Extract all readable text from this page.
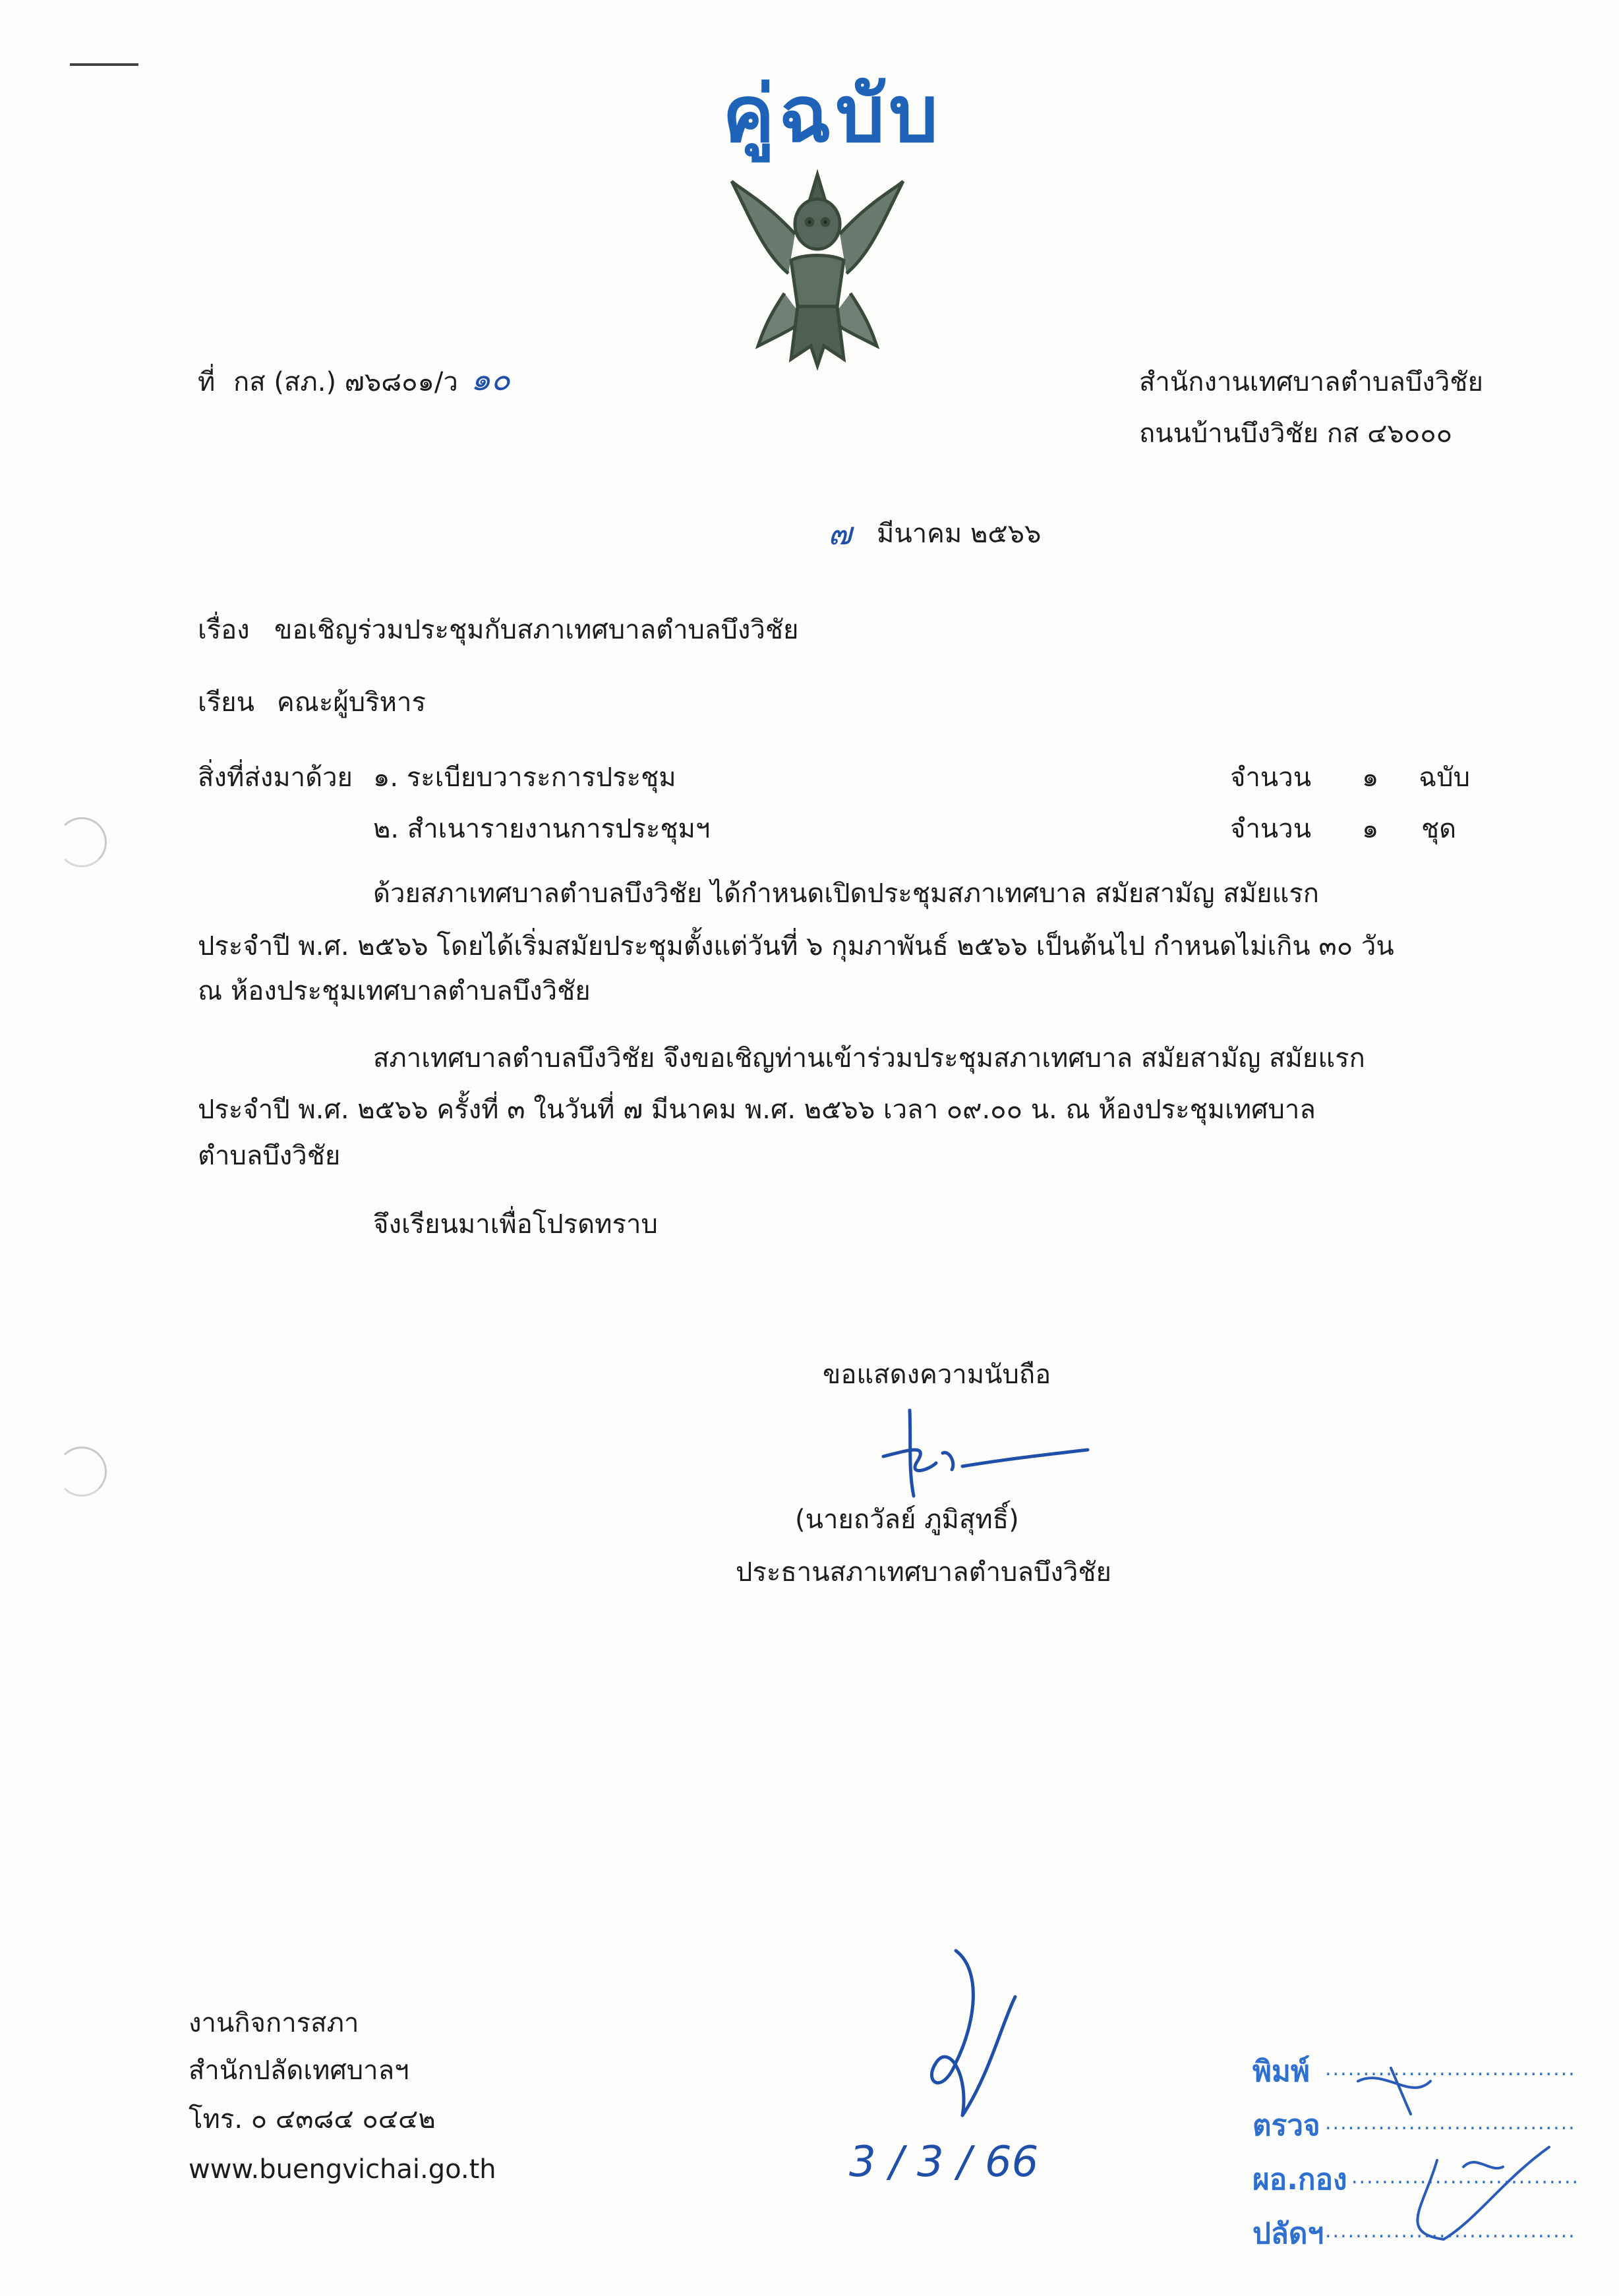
คู่ฉบับ
ที่ กส (สภ.) ๗๖๘๐๑/ว ๑๐	สำนักงานเทศบาลตำบลบึงวิชัย
ถนนบ้านบึงวิชัย กส ๔๖๐๐๐
๗ มีนาคม ๒๕๖๖
เรื่อง ขอเชิญร่วมประชุมกับสภาเทศบาลตำบลบึงวิชัย
เรียน คณะผู้บริหาร
สิ่งที่ส่งมาด้วย ๑. ระเบียบวาระการประชุม	จำนวน ๑ ฉบับ
๒. สำเนารายงานการประชุมฯ	จำนวน ๑ ชุด
ด้วยสภาเทศบาลตำบลบึงวิชัย ได้กำหนดเปิดประชุมสภาเทศบาล สมัยสามัญ สมัยแรก
ประจำปี พ.ศ. ๒๕๖๖ โดยได้เริ่มสมัยประชุมตั้งแต่วันที่ ๖ กุมภาพันธ์ ๒๕๖๖ เป็นต้นไป กำหนดไม่เกิน ๓๐ วัน
ณ ห้องประชุมเทศบาลตำบลบึงวิชัย
สภาเทศบาลตำบลบึงวิชัย จึงขอเชิญท่านเข้าร่วมประชุมสภาเทศบาล สมัยสามัญ สมัยแรก
ประจำปี พ.ศ. ๒๕๖๖ ครั้งที่ ๓ ในวันที่ ๗ มีนาคม พ.ศ. ๒๕๖๖ เวลา ๐๙.๐๐ น. ณ ห้องประชุมเทศบาล
ตำบลบึงวิชัย
จึงเรียนมาเพื่อโปรดทราบ
ขอแสดงความนับถือ
(นายถวัลย์ ภูมิสุทธิ์)
ประธานสภาเทศบาลตำบลบึงวิชัย
งานกิจการสภา
สำนักปลัดเทศบาลฯ
โทร. ๐ ๔๓๘๔ ๐๔๔๒
www.buengvichai.go.th	3 / 3 / 66
พิมพ์ .................................
ตรวจ .................................
ผอ.กอง ..............................
ปลัดฯ .................................
